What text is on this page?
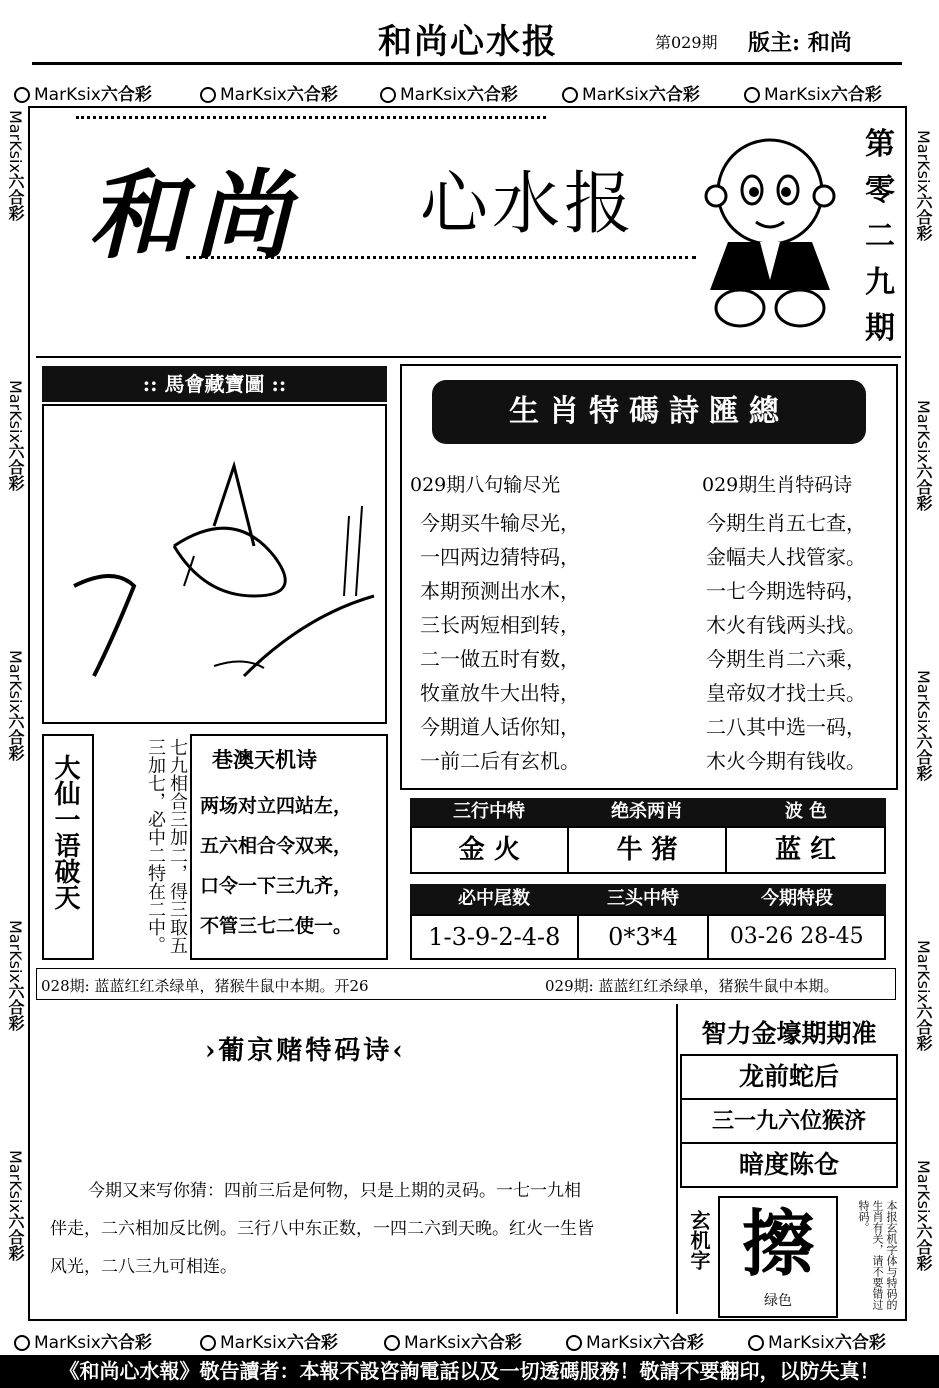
和尚心水报	第029期 版主: 和尚
MarKsix六合彩	MarKsix六合彩	MarKsix六合彩	MarKsix六合彩	MarKsix六合彩
MarKsix六合彩
MarKsix六合彩
MarKsix六合彩
MarKsix六合彩
MarKsix六合彩
MarKsix六合彩
MarKsix六合彩
MarKsix六合彩
MarKsix六合彩
MarKsix六合彩
和尚 心水报
第零二九期
:: 馬會藏寶圖 ::
生肖特碼詩匯總
029期八句输尽光
今期买牛输尽光，
一四两边猜特码，
本期预测出水木，
三长两短相到转，
二一做五时有数，
牧童放牛大出特，
今期道人话你知，
一前二后有玄机。
029期生肖特码诗
今期生肖五七查，
金幅夫人找管家。
一七今期选特码，
木火有钱两头找。
今期生肖二六乘，
皇帝奴才找士兵。
二八其中选一码，
木火今期有钱收。
大仙一语破天	七九相合三加二，得三取五三加七，必中二特在二中。	巷澳天机诗
两场对立四站左，
五六相合令双来，
口令一下三九齐，
不管三七二使一。
三行中特	绝杀两肖	波 色
金 火	牛 猪	蓝 红
必中尾数	三头中特	今期特段
1-3-9-2-4-8	0*3*4	03-26 28-45
028期: 蓝蓝红红杀绿单，猪猴牛鼠中本期。开26	029期: 蓝蓝红红杀绿单，猪猴牛鼠中本期。
›葡京赌特码诗‹
今期又来写你猜：四前三后是何物，只是上期的灵码。一七一九相
伴走，二六相加反比例。三行八中东正数，一四二六到天晚。红火一生皆
风光，二八三九可相连。
智力金壕期期准
龙前蛇后
三一九六位猴济
暗度陈仓
玄机字 擦
绿色	本报玄机字体与特码的生肖有关，请不要错过特码。
MarKsix六合彩	MarKsix六合彩	MarKsix六合彩	MarKsix六合彩	MarKsix六合彩
《和尚心水報》敬告讀者：本報不設咨詢電話以及一切透碼服務！敬請不要翻印，以防失真！
